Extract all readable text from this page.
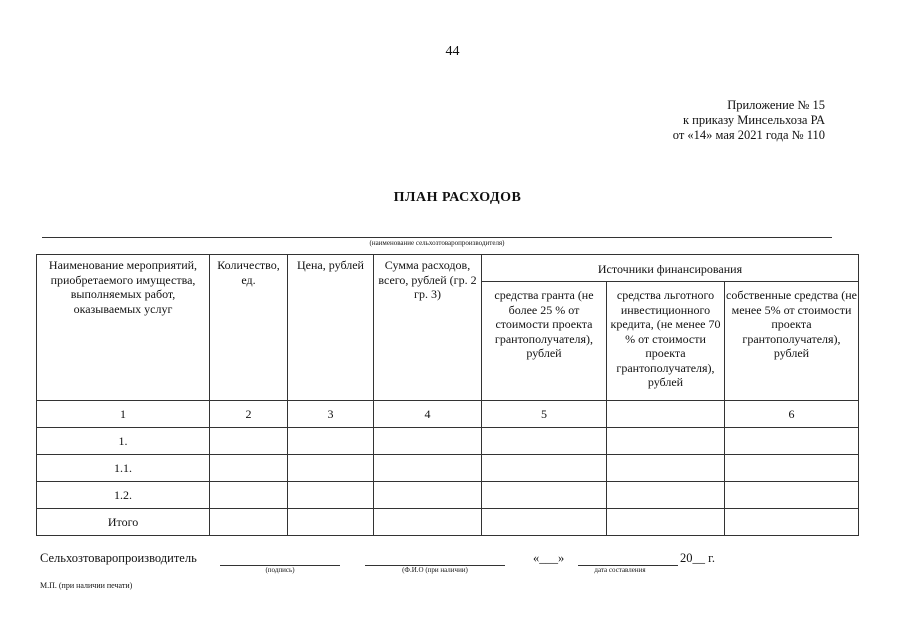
44
Приложение № 15
к приказу Минсельхоза РА
от «14» мая 2021 года № 110
ПЛАН РАСХОДОВ
(наименование сельхозтоваропроизводителя)
Наименование мероприятий, приобретаемого имущества, выполняемых работ, оказываемых услуг	Количество, ед.	Цена, рублей	Сумма расходов, всего, рублей (гр. 2 гр. 3)	Источники финансирования		
				средства гранта (не более 25 % от стоимости проекта грантополучателя), рублей	средства льготного инвестиционного кредита, (не менее 70 % от стоимости проекта грантополучателя), рублей	собственные средства (не менее 5% от стоимости проекта грантополучателя), рублей
1	2	3	4	5		6
1.						
1.1.						
1.2.						
Итого						
Сельхозтоваропроизводитель
(подпись)	(Ф.И.О (при наличии)
«___»	20__ г.
дата составления
М.П. (при наличии печати)
